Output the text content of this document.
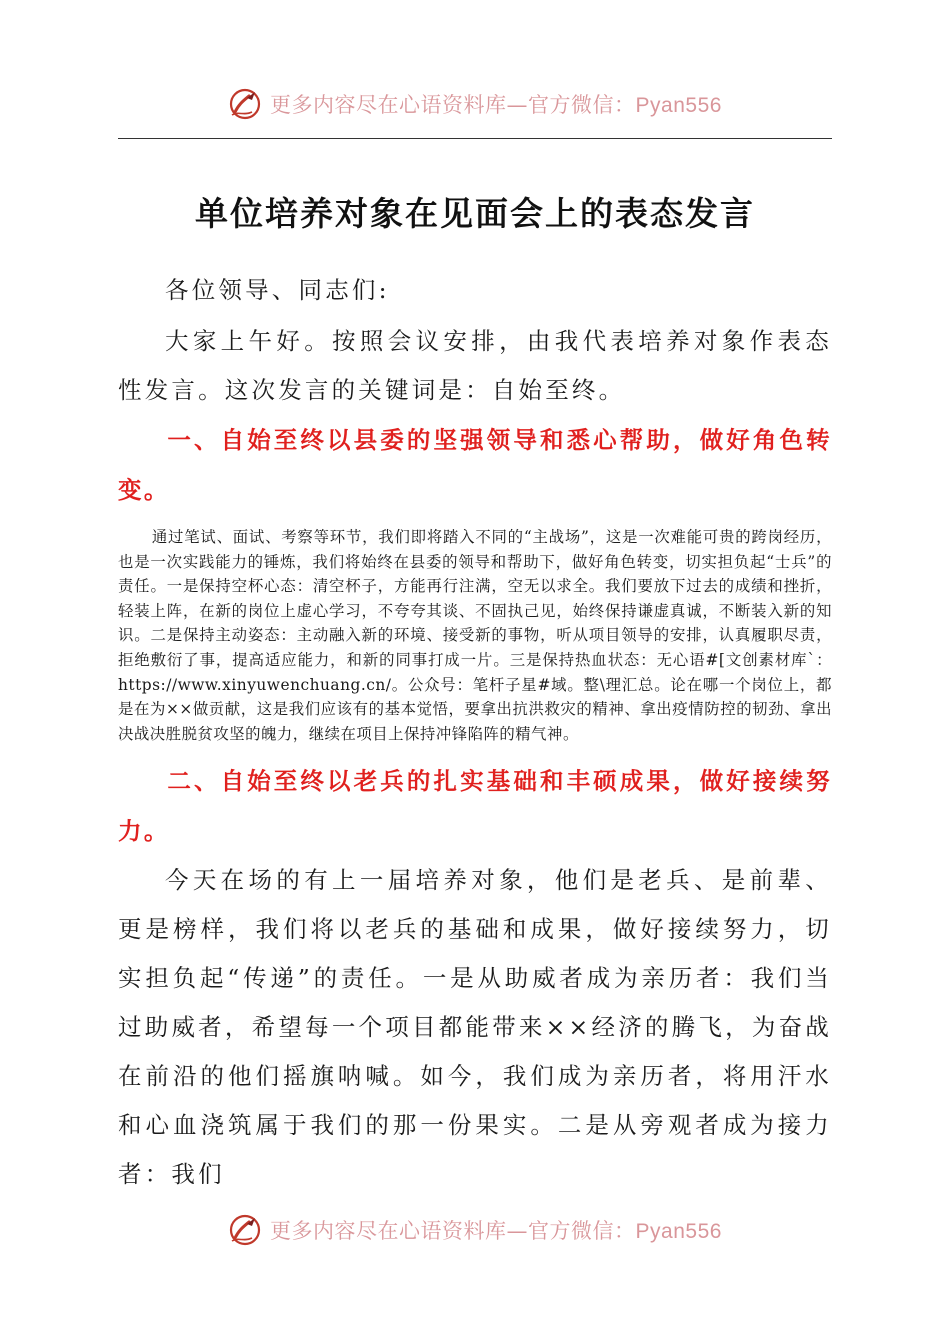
更多内容尽在心语资料库—官方微信：Pyan556
单位培养对象在见面会上的表态发言

各位领导、同志们:

大家上午好。按照会议安排，由我代表培养对象作表态性发言。这次发言的关键词是：自始至终。

一、自始至终以县委的坚强领导和悉心帮助，做好角色转变。

通过笔试、面试、考察等环节，我们即将踏入不同的“主战场”，这是一次难能可贵的跨岗经历，也是一次实践能力的锤炼，我们将始终在县委的领导和帮助下，做好角色转变，切实担负起“士兵”的责任。一是保持空杯心态：清空杯子，方能再行注满，空无以求全。我们要放下过去的成绩和挫折，轻装上阵，在新的岗位上虚心学习，不夸夸其谈、不固执己见，始终保持谦虚真诚，不断装入新的知识。二是保持主动姿态：主动融入新的环境、接受新的事物，听从项目领导的安排，认真履职尽责，拒绝敷衍了事，提高适应能力，和新的同事打成一片。三是保持热血状态：无心语#[文创素材库`：https://www.xinyuwenchuang.cn/。公众号：笔杆子星#域。整\理汇总。论在哪一个岗位上，都是在为××做贡献，这是我们应该有的基本觉悟，要拿出抗洪救灾的精神、拿出疫情防控的韧劲、拿出决战决胜脱贫攻坚的魄力，继续在项目上保持冲锋陷阵的精气神。

二、自始至终以老兵的扎实基础和丰硕成果，做好接续努力。

今天在场的有上一届培养对象，他们是老兵、是前辈、更是榜样，我们将以老兵的基础和成果，做好接续努力，切实担负起“传递”的责任。一是从助威者成为亲历者：我们当过助威者，希望每一个项目都能带来××经济的腾飞，为奋战在前沿的他们摇旗呐喊。如今，我们成为亲历者，将用汗水和心血浇筑属于我们的那一份果实。二是从旁观者成为接力者：我们

更多内容尽在心语资料库—官方微信：Pyan556
